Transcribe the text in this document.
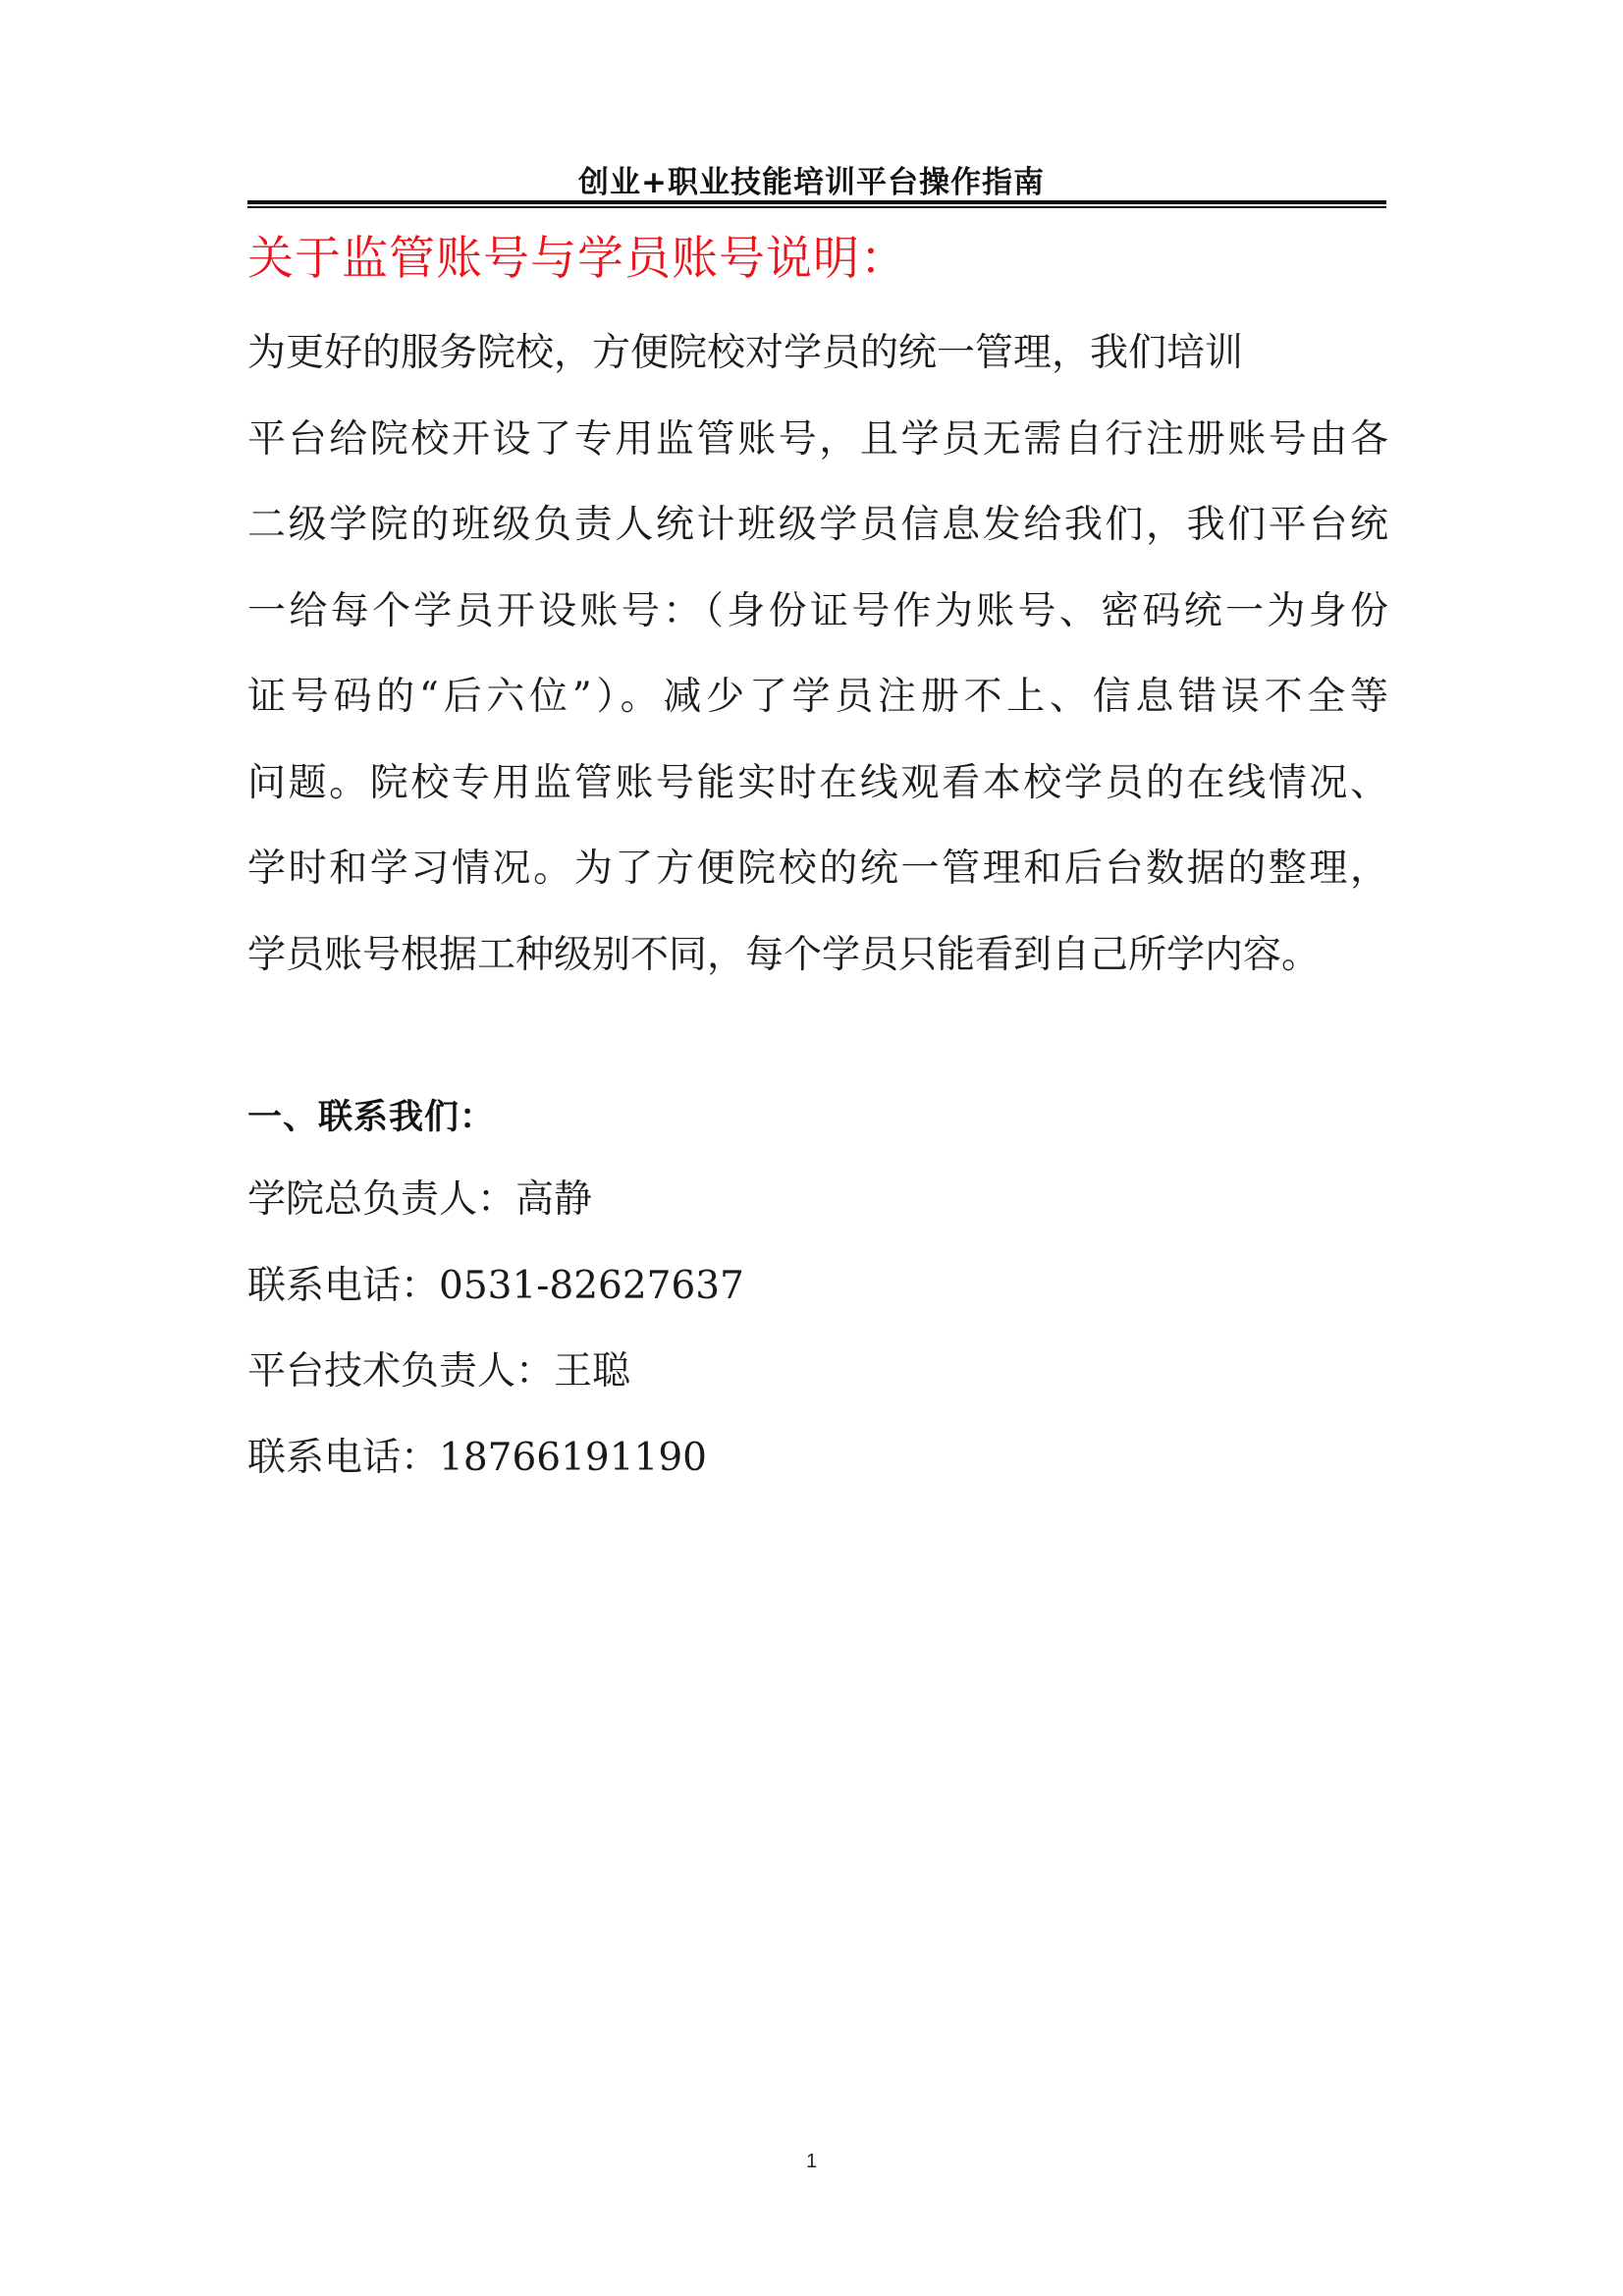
创业+职业技能培训平台操作指南
关于监管账号与学员账号说明：

为更好的服务院校，方便院校对学员的统一管理，我们培训
平台给院校开设了专用监管账号，且学员无需自行注册账号由各
二级学院的班级负责人统计班级学员信息发给我们，我们平台统
一给每个学员开设账号：（身份证号作为账号、密码统一为身份
证号码的“后六位”）。减少了学员注册不上、信息错误不全等
问题。院校专用监管账号能实时在线观看本校学员的在线情况、
学时和学习情况。为了方便院校的统一管理和后台数据的整理，
学员账号根据工种级别不同，每个学员只能看到自己所学内容。

一、联系我们：
学院总负责人：高静
联系电话：0531-82627637
平台技术负责人：王聪
联系电话：18766191190
1
